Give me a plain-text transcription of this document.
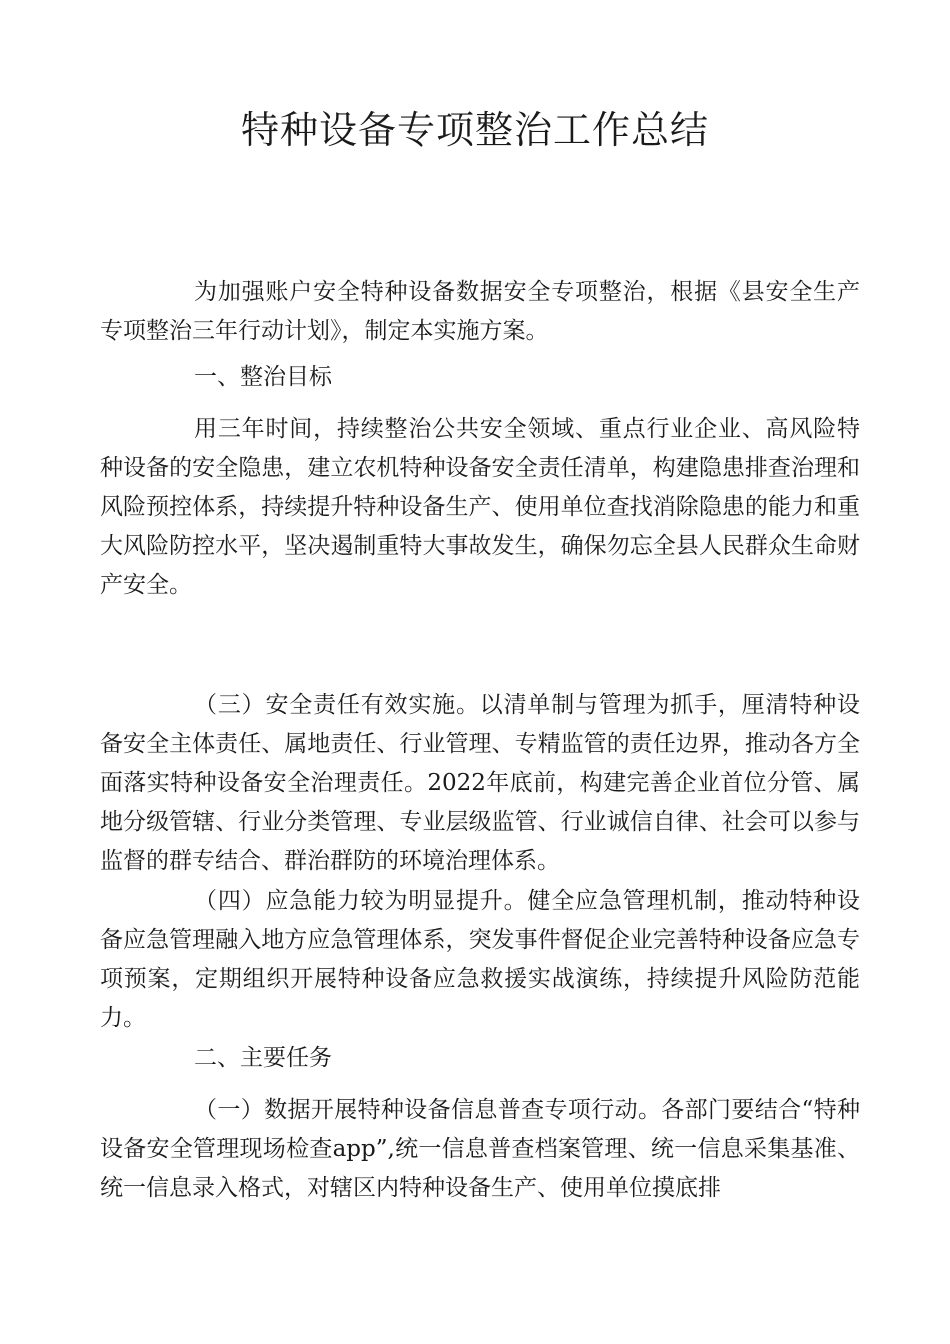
特种设备专项整治工作总结

为加强账户安全特种设备数据安全专项整治，根据《县安全生产专项整治三年行动计划》，制定本实施方案。

一、整治目标

用三年时间，持续整治公共安全领域、重点行业企业、高风险特种设备的安全隐患，建立农机特种设备安全责任清单，构建隐患排查治理和风险预控体系，持续提升特种设备生产、使用单位查找消除隐患的能力和重大风险防控水平，坚决遏制重特大事故发生，确保勿忘全县人民群众生命财产安全。

（三）安全责任有效实施。以清单制与管理为抓手，厘清特种设备安全主体责任、属地责任、行业管理、专精监管的责任边界，推动各方全面落实特种设备安全治理责任。2022年底前，构建完善企业首位分管、属地分级管辖、行业分类管理、专业层级监管、行业诚信自律、社会可以参与监督的群专结合、群治群防的环境治理体系。

（四）应急能力较为明显提升。健全应急管理机制，推动特种设备应急管理融入地方应急管理体系，突发事件督促企业完善特种设备应急专项预案，定期组织开展特种设备应急救援实战演练，持续提升风险防范能力。

二、主要任务

（一）数据开展特种设备信息普查专项行动。各部门要结合“特种设备安全管理现场检查app”,统一信息普查档案管理、统一信息采集基准、统一信息录入格式，对辖区内特种设备生产、使用单位摸底排
